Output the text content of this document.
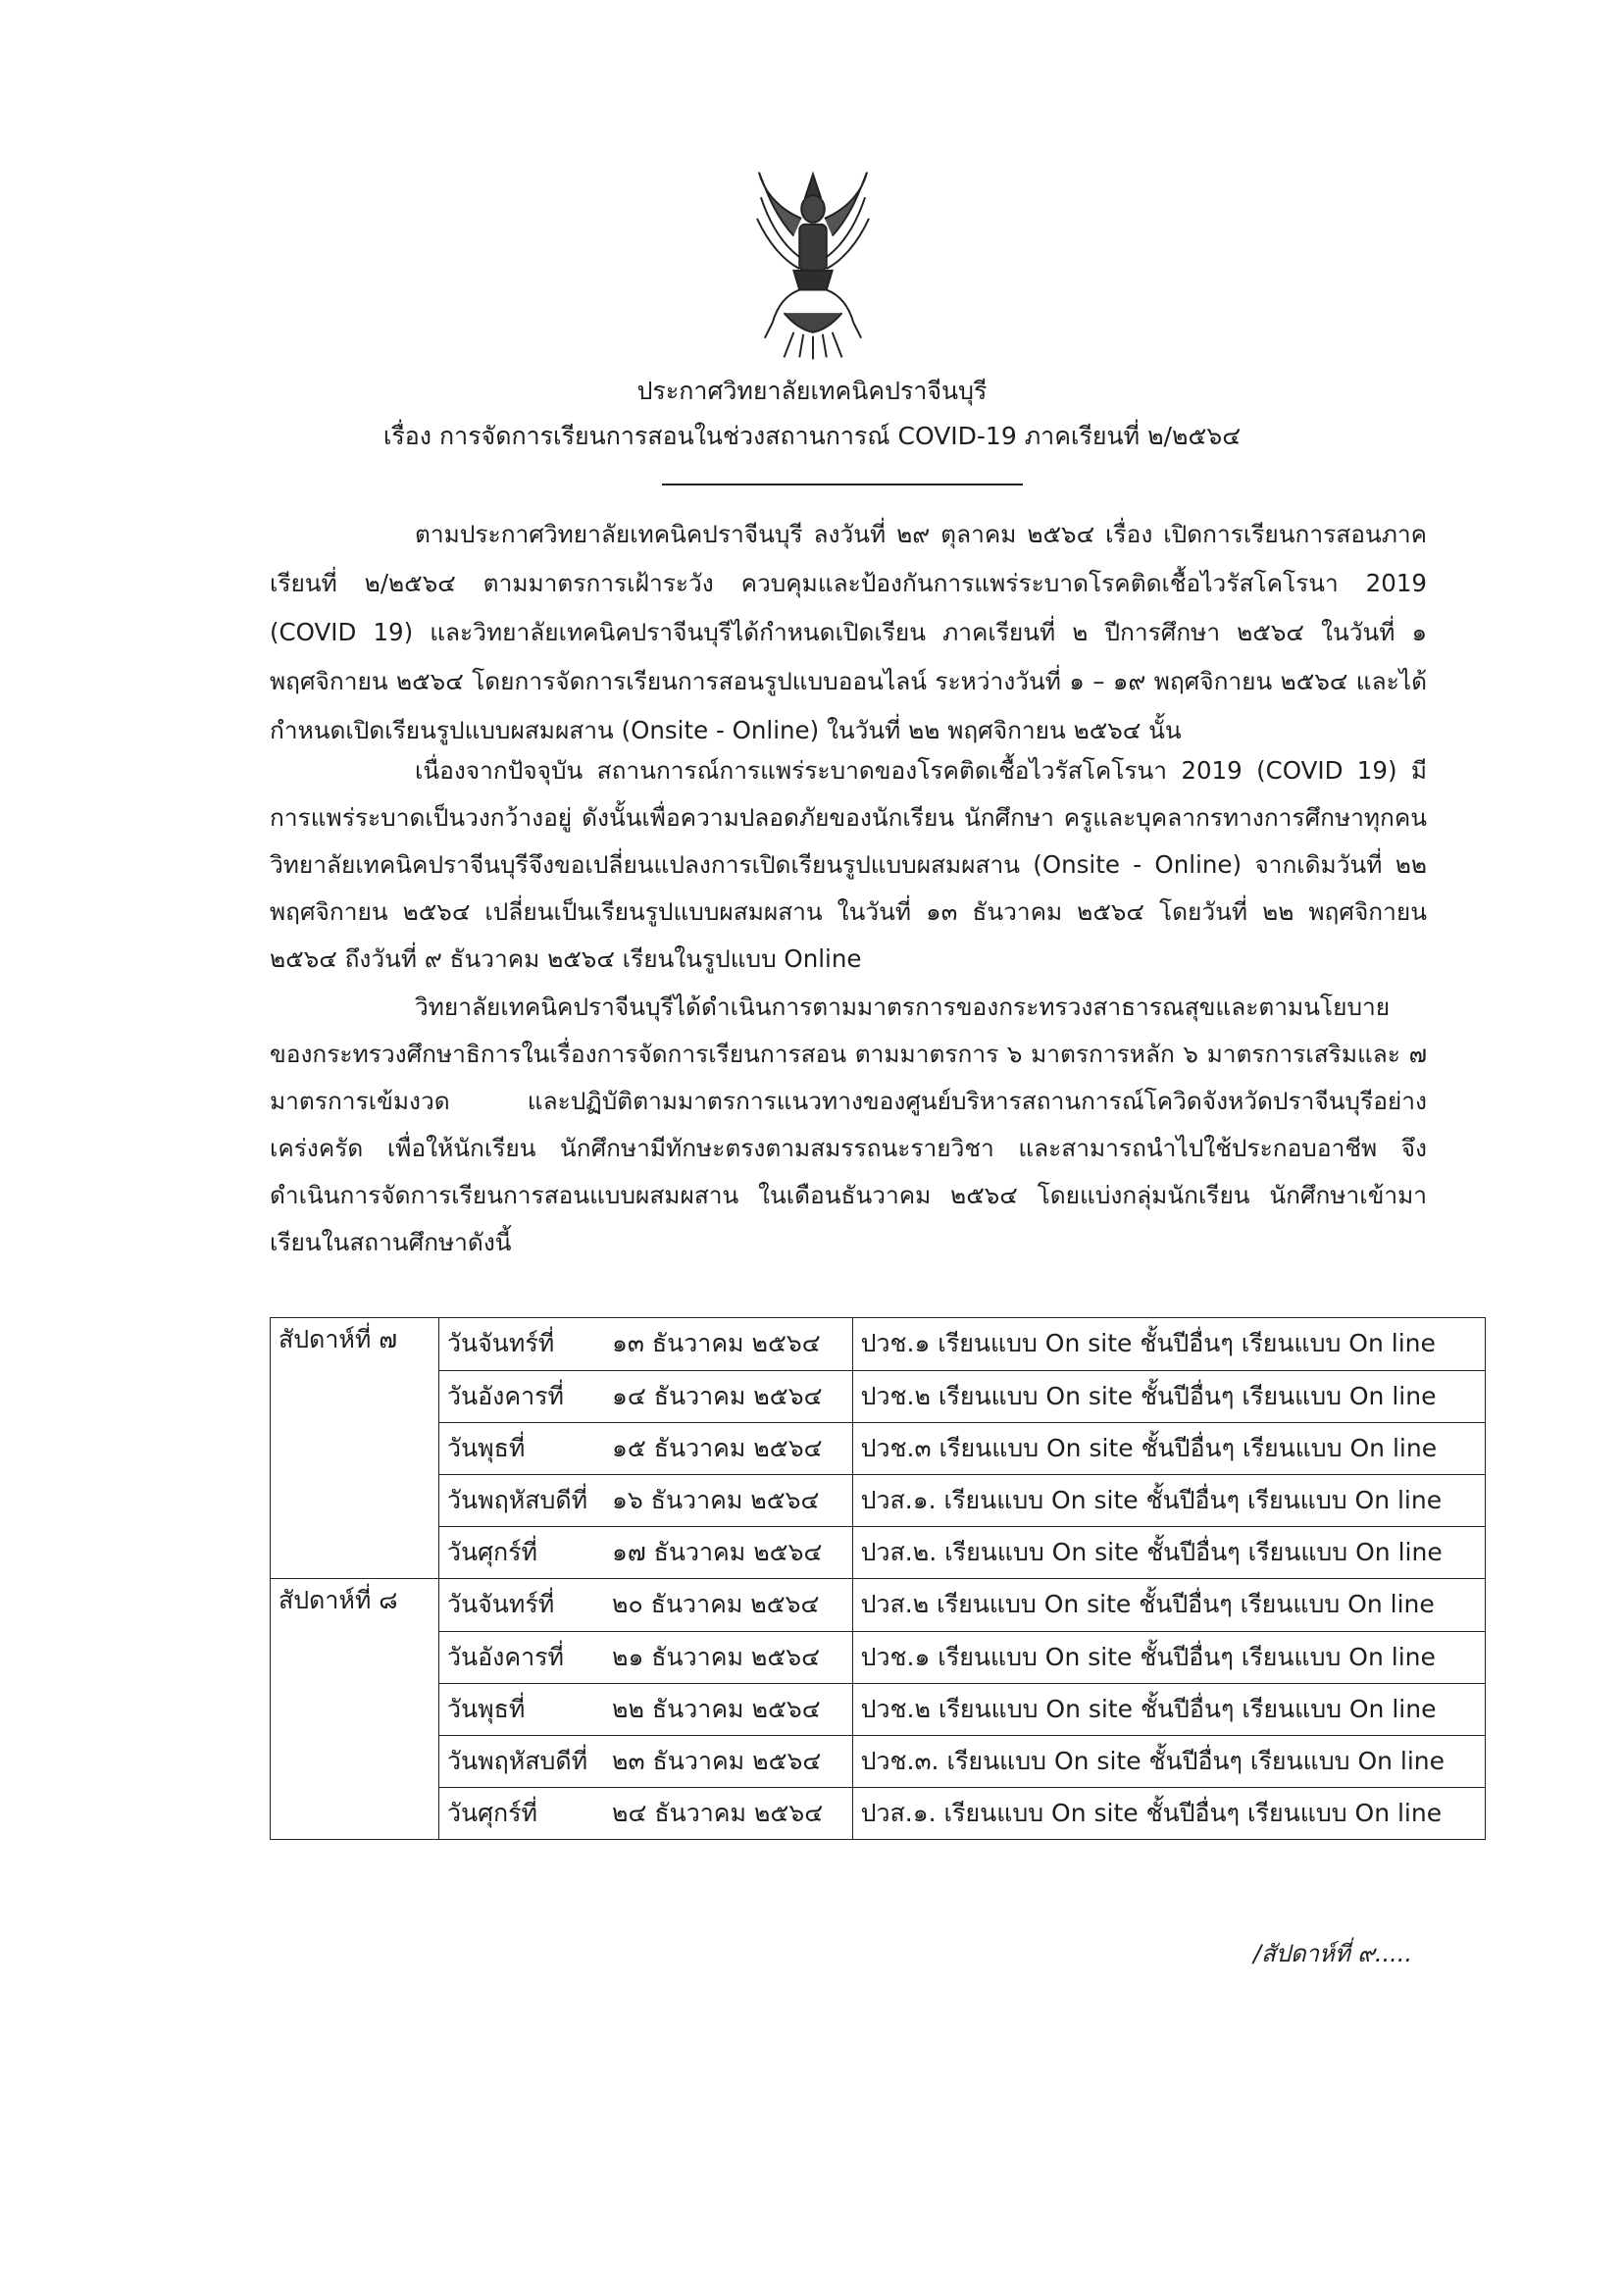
ประกาศวิทยาลัยเทคนิคปราจีนบุรี
เรื่อง การจัดการเรียนการสอนในช่วงสถานการณ์ COVID-19 ภาคเรียนที่ ๒/๒๕๖๔

ตามประกาศวิทยาลัยเทคนิคปราจีนบุรี ลงวันที่ ๒๙ ตุลาคม ๒๕๖๔ เรื่อง เปิดการเรียนการสอนภาคเรียนที่ ๒/๒๕๖๔ ตามมาตรการเฝ้าระวัง ควบคุมและป้องกันการแพร่ระบาดโรคติดเชื้อไวรัสโคโรนา 2019 (COVID 19) และวิทยาลัยเทคนิคปราจีนบุรีได้กำหนดเปิดเรียน ภาคเรียนที่ ๒ ปีการศึกษา ๒๕๖๔ ในวันที่ ๑ พฤศจิกายน ๒๕๖๔ โดยการจัดการเรียนการสอนรูปแบบออนไลน์ ระหว่างวันที่ ๑ – ๑๙ พฤศจิกายน ๒๕๖๔ และได้กำหนดเปิดเรียนรูปแบบผสมผสาน (Onsite - Online) ในวันที่ ๒๒ พฤศจิกายน ๒๕๖๔ นั้น

เนื่องจากปัจจุบัน สถานการณ์การแพร่ระบาดของโรคติดเชื้อไวรัสโคโรนา 2019 (COVID 19) มีการแพร่ระบาดเป็นวงกว้างอยู่ ดังนั้นเพื่อความปลอดภัยของนักเรียน นักศึกษา ครูและบุคลากรทางการศึกษาทุกคน วิทยาลัยเทคนิคปราจีนบุรีจึงขอเปลี่ยนแปลงการเปิดเรียนรูปแบบผสมผสาน (Onsite - Online) จากเดิมวันที่ ๒๒ พฤศจิกายน ๒๕๖๔ เปลี่ยนเป็นเรียนรูปแบบผสมผสาน ในวันที่ ๑๓ ธันวาคม ๒๕๖๔ โดยวันที่ ๒๒ พฤศจิกายน ๒๕๖๔ ถึงวันที่ ๙ ธันวาคม ๒๕๖๔ เรียนในรูปแบบ Online

วิทยาลัยเทคนิคปราจีนบุรีได้ดำเนินการตามมาตรการของกระทรวงสาธารณสุขและตามนโยบายของกระทรวงศึกษาธิการในเรื่องการจัดการเรียนการสอน ตามมาตรการ ๖ มาตรการหลัก ๖ มาตรการเสริมและ ๗ มาตรการเข้มงวด และปฏิบัติตามมาตรการแนวทางของศูนย์บริหารสถานการณ์โควิดจังหวัดปราจีนบุรีอย่างเคร่งครัด เพื่อให้นักเรียน นักศึกษามีทักษะตรงตามสมรรถนะรายวิชา และสามารถนำไปใช้ประกอบอาชีพ จึงดำเนินการจัดการเรียนการสอนแบบผสมผสาน ในเดือนธันวาคม ๒๕๖๔ โดยแบ่งกลุ่มนักเรียน นักศึกษาเข้ามาเรียนในสถานศึกษาดังนี้

สัปดาห์ที่ ๗	วันจันทร์ที่ ๑๓ ธันวาคม ๒๕๖๔	ปวช.๑ เรียนแบบ On site ชั้นปีอื่นๆ เรียนแบบ On line
	วันอังคารที่ ๑๔ ธันวาคม ๒๕๖๔	ปวช.๒ เรียนแบบ On site ชั้นปีอื่นๆ เรียนแบบ On line
	วันพุธที่ ๑๕ ธันวาคม ๒๕๖๔	ปวช.๓ เรียนแบบ On site ชั้นปีอื่นๆ เรียนแบบ On line
	วันพฤหัสบดีที่ ๑๖ ธันวาคม ๒๕๖๔	ปวส.๑. เรียนแบบ On site ชั้นปีอื่นๆ เรียนแบบ On line
	วันศุกร์ที่ ๑๗ ธันวาคม ๒๕๖๔	ปวส.๒. เรียนแบบ On site ชั้นปีอื่นๆ เรียนแบบ On line
สัปดาห์ที่ ๘	วันจันทร์ที่ ๒๐ ธันวาคม ๒๕๖๔	ปวส.๒ เรียนแบบ On site ชั้นปีอื่นๆ เรียนแบบ On line
	วันอังคารที่ ๒๑ ธันวาคม ๒๕๖๔	ปวช.๑ เรียนแบบ On site ชั้นปีอื่นๆ เรียนแบบ On line
	วันพุธที่ ๒๒ ธันวาคม ๒๕๖๔	ปวช.๒ เรียนแบบ On site ชั้นปีอื่นๆ เรียนแบบ On line
	วันพฤหัสบดีที่ ๒๓ ธันวาคม ๒๕๖๔	ปวช.๓. เรียนแบบ On site ชั้นปีอื่นๆ เรียนแบบ On line
	วันศุกร์ที่ ๒๔ ธันวาคม ๒๕๖๔	ปวส.๑. เรียนแบบ On site ชั้นปีอื่นๆ เรียนแบบ On line
/สัปดาห์ที่ ๙.....
